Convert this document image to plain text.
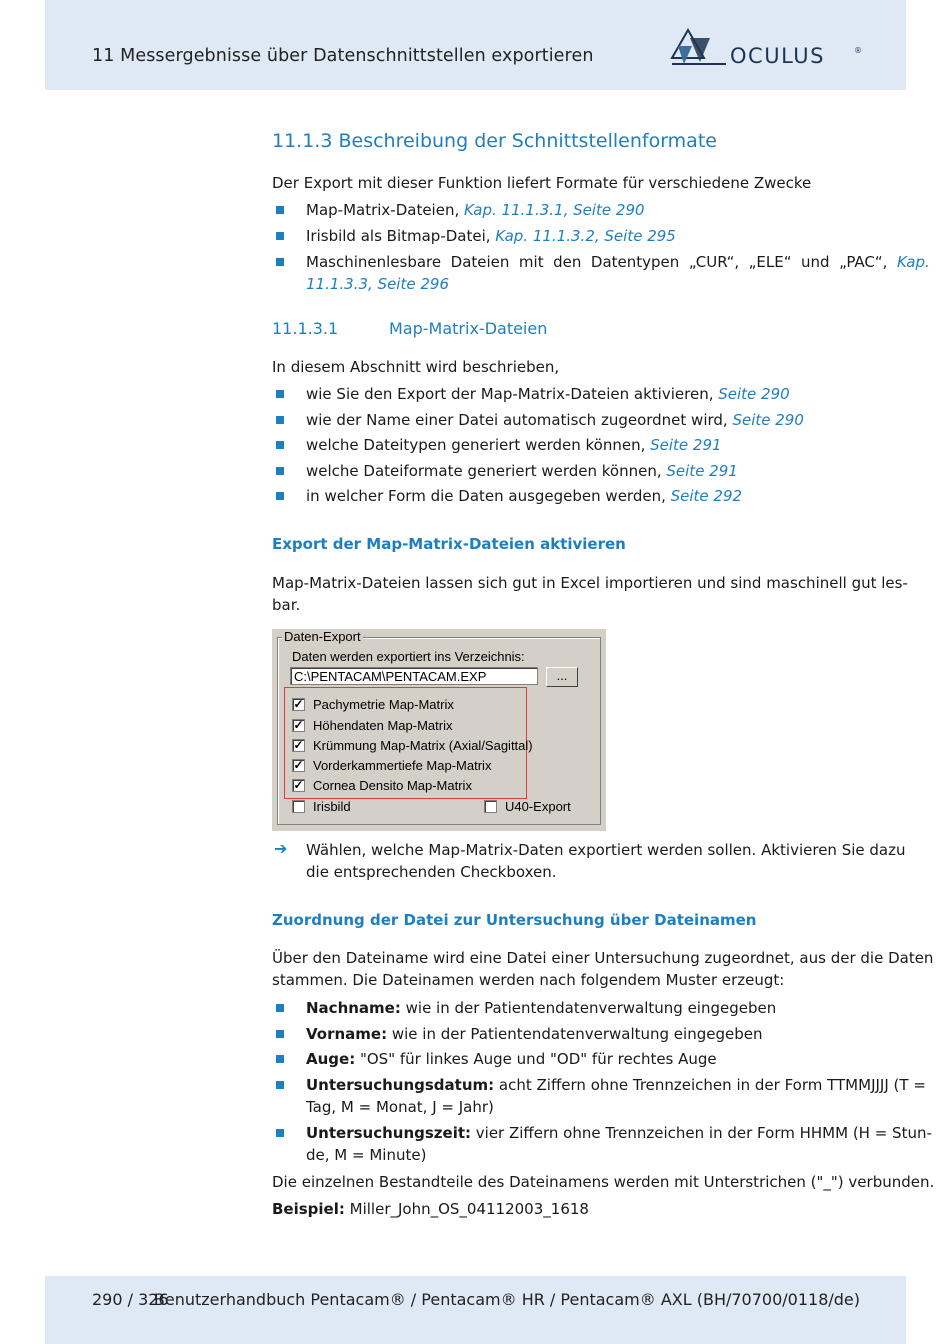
11 Messergebnisse über Datenschnittstellen exportieren	OCULUS	®
11.1.3 Beschreibung der Schnittstellenformate
Der Export mit dieser Funktion liefert Formate für verschiedene Zwecke
Map-Matrix-Dateien, Kap. 11.1.3.1, Seite 290
Irisbild als Bitmap-Datei, Kap. 11.1.3.2, Seite 295
Maschinenlesbare  Dateien  mit  den  Datentypen  „CUR“,  „ELE“  und  „PAC“,  Kap.
11.1.3.3, Seite 296
11.1.3.1	Map-Matrix-Dateien
In diesem Abschnitt wird beschrieben,
wie Sie den Export der Map-Matrix-Dateien aktivieren, Seite 290
wie der Name einer Datei automatisch zugeordnet wird, Seite 290
welche Dateitypen generiert werden können, Seite 291
welche Dateiformate generiert werden können, Seite 291
in welcher Form die Daten ausgegeben werden, Seite 292
Export der Map-Matrix-Dateien aktivieren
Map-Matrix-Dateien lassen sich gut in Excel importieren und sind maschinell gut les-
bar.
Daten-Export
Daten werden exportiert ins Verzeichnis:
C:\PENTACAM\PENTACAM.EXP	...
✓ Pachymetrie Map-Matrix
✓ Höhendaten Map-Matrix
✓ Krümmung Map-Matrix (Axial/Sagittal)
✓ Vorderkammertiefe Map-Matrix
✓ Cornea Densito Map-Matrix
Irisbild	U40-Export
➔ Wählen, welche Map-Matrix-Daten exportiert werden sollen. Aktivieren Sie dazu
die entsprechenden Checkboxen.
Zuordnung der Datei zur Untersuchung über Dateinamen
Über den Dateiname wird eine Datei einer Untersuchung zugeordnet, aus der die Daten
stammen. Die Dateinamen werden nach folgendem Muster erzeugt:
Nachname: wie in der Patientendatenverwaltung eingegeben
Vorname: wie in der Patientendatenverwaltung eingegeben
Auge: "OS" für linkes Auge und "OD" für rechtes Auge
Untersuchungsdatum: acht Ziffern ohne Trennzeichen in der Form TTMMJJJJ (T =
Tag, M = Monat, J = Jahr)
Untersuchungszeit: vier Ziffern ohne Trennzeichen in der Form HHMM (H = Stun-
de, M = Minute)
Die einzelnen Bestandteile des Dateinamens werden mit Unterstrichen ("_") verbunden.
Beispiel: Miller_John_OS_04112003_1618
290 / 326
Benutzerhandbuch Pentacam® / Pentacam® HR / Pentacam® AXL (BH/70700/0118/de)
